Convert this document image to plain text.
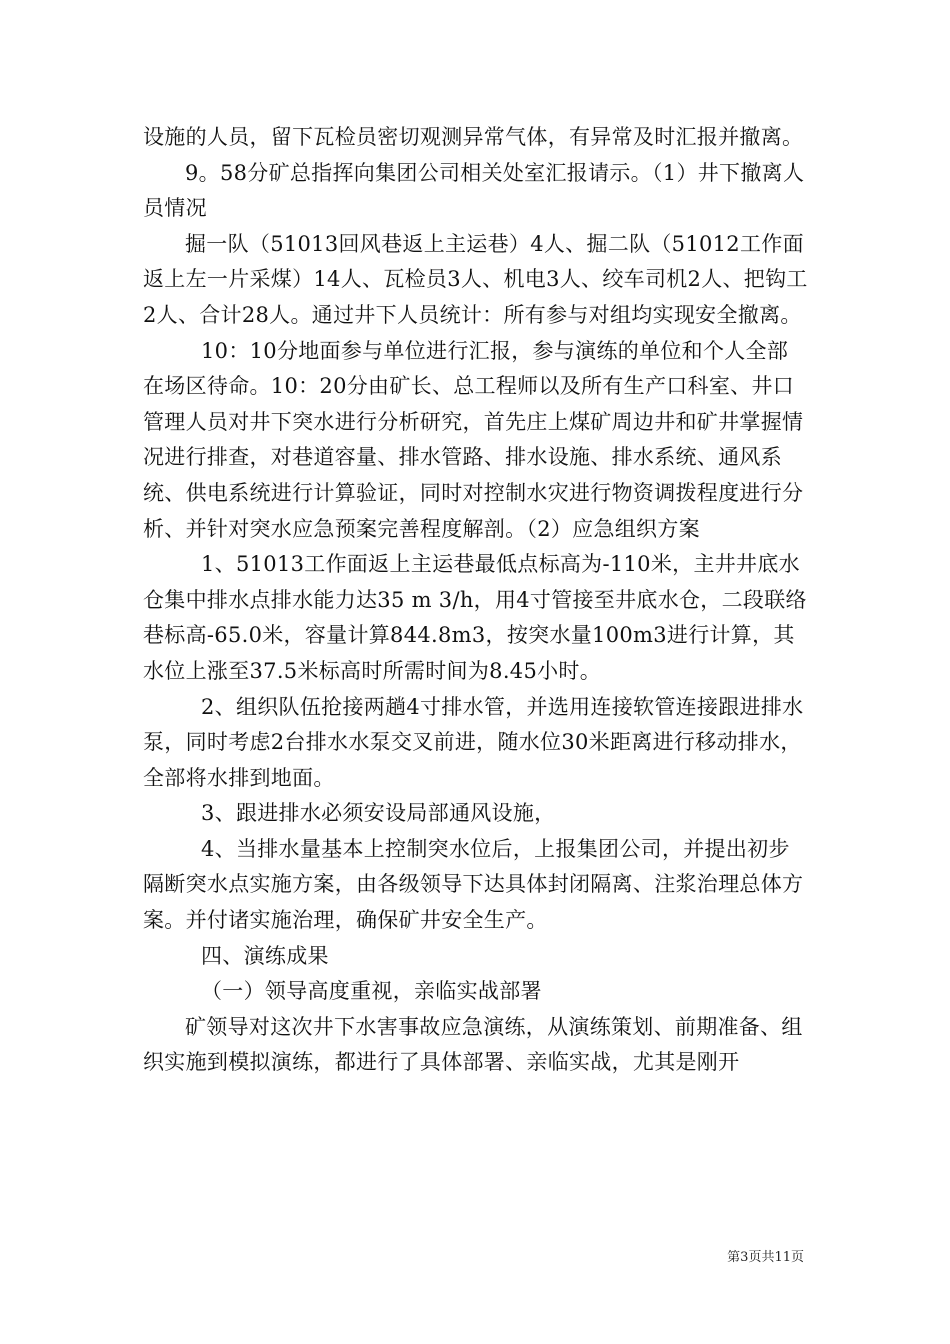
设施的人员，留下瓦检员密切观测异常气体，有异常及时汇报并撤离。

9。58分矿总指挥向集团公司相关处室汇报请示。（1）井下撤离人员情况

掘一队（51013回风巷返上主运巷）4人、掘二队（51012工作面返上左一片采煤）14人、瓦检员3人、机电3人、绞车司机2人、把钩工2人、合计28人。通过井下人员统计：所有参与对组均实现安全撤离。

10：10分地面参与单位进行汇报，参与演练的单位和个人全部在场区待命。10：20分由矿长、总工程师以及所有生产口科室、井口管理人员对井下突水进行分析研究，首先庄上煤矿周边井和矿井掌握情况进行排查，对巷道容量、排水管路、排水设施、排水系统、通风系统、供电系统进行计算验证，同时对控制水灾进行物资调拨程度进行分析、并针对突水应急预案完善程度解剖。（2）应急组织方案

1、51013工作面返上主运巷最低点标高为-110米，主井井底水仓集中排水点排水能力达35 m 3/h，用4寸管接至井底水仓，二段联络巷标高-65.0米，容量计算844.8m3，按突水量100m3进行计算，其水位上涨至37.5米标高时所需时间为8.45小时。

2、组织队伍抢接两趟4寸排水管，并选用连接软管连接跟进排水泵，同时考虑2台排水水泵交叉前进，随水位30米距离进行移动排水，全部将水排到地面。

3、跟进排水必须安设局部通风设施，

4、当排水量基本上控制突水位后，上报集团公司，并提出初步隔断突水点实施方案，由各级领导下达具体封闭隔离、注浆治理总体方案。并付诸实施治理，确保矿井安全生产。

四、演练成果

（一）领导高度重视，亲临实战部署

矿领导对这次井下水害事故应急演练，从演练策划、前期准备、组织实施到模拟演练，都进行了具体部署、亲临实战，尤其是刚开

第3页共11页
